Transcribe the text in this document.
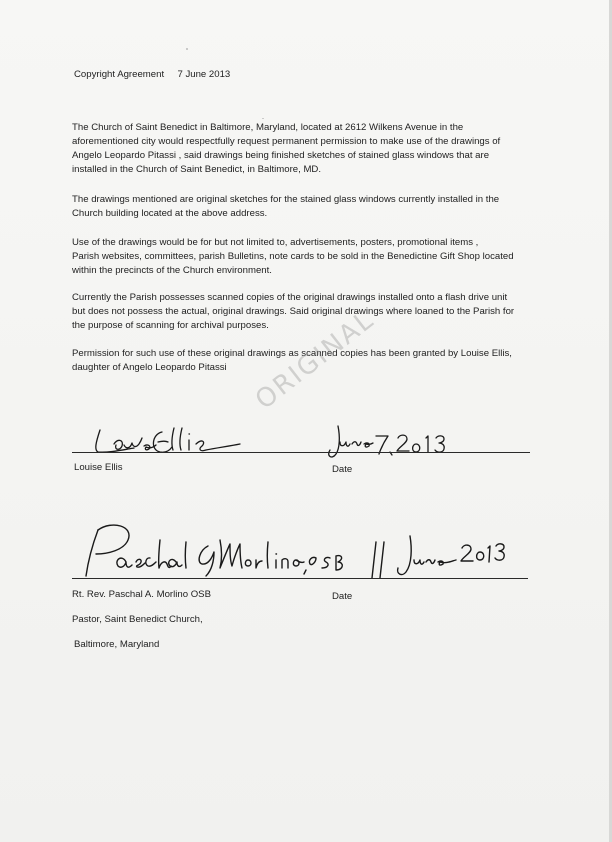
Copyright Agreement 7 June 2013
The Church of Saint Benedict in Baltimore, Maryland, located at 2612 Wilkens Avenue in the
aforementioned city would respectfully request permanent permission to make use of the drawings of
Angelo Leopardo Pitassi , said drawings being finished sketches of stained glass windows that are
installed in the Church of Saint Benedict, in Baltimore, MD.
The drawings mentioned are original sketches for the stained glass windows currently installed in the
Church building located at the above address.
Use of the drawings would be for but not limited to, advertisements, posters, promotional items ,
Parish websites, committees, parish Bulletins, note cards to be sold in the Benedictine Gift Shop located
within the precincts of the Church environment.
Currently the Parish possesses scanned copies of the original drawings installed onto a flash drive unit
but does not possess the actual, original drawings. Said original drawings where loaned to the Parish for
the purpose of scanning for archival purposes.
Permission for such use of these original drawings as scanned copies has been granted by Louise Ellis,
daughter of Angelo Leopardo Pitassi ORIGINAL
Louise Ellis	Date
Rt. Rev. Paschal A. Morlino OSB	Date
Pastor, Saint Benedict Church,
Baltimore, Maryland
